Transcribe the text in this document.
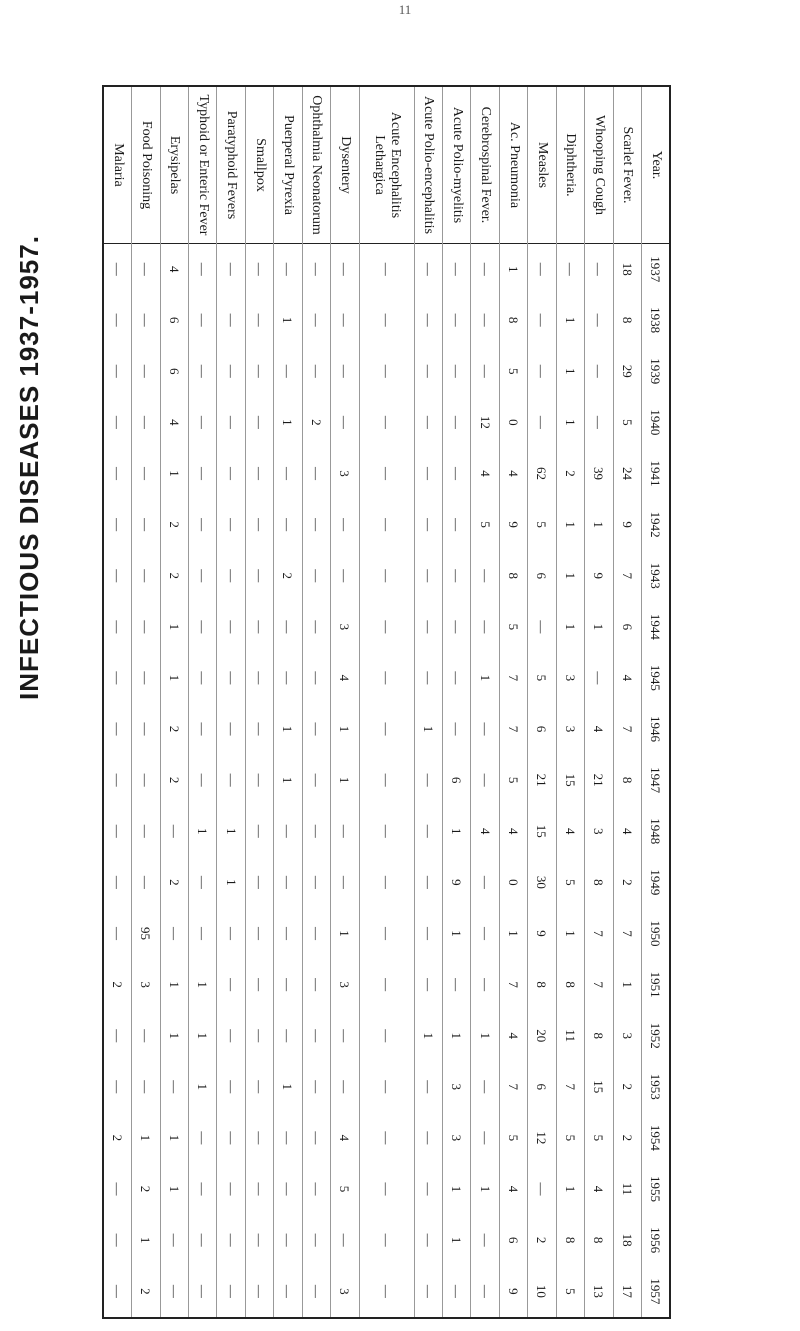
11
INFECTIOUS DISEASES 1937-1957.
Year.	1937	1938	1939	1940	1941	1942	1943	1944	1945	1946	1947	1948	1949	1950	1951	1952	1953	1954	1955	1956	1957
Scarlet Fever.	18	8	29	5	24	9	7	6	4	7	8	4	2	7	1	3	2	2	11	18	17
Whooping Cough	—	—	—	—	39	1	9	1	—	4	21	3	8	7	7	8	15	5	4	8	13
Diphtheria.	—	1	1	1	2	1	1	1	3	3	15	4	5	1	8	11	7	5	1	8	5
Measles	—	—	—	—	62	5	6	—	5	6	21	15	30	9	8	20	6	12	—	2	10
Ac. Pneumonia	1	8	5	0	4	9	8	5	7	7	5	4	0	1	7	4	7	5	4	6	9
Cerebrospinal Fever.	—	—	—	12	4	5	—	—	1	—	—	4	—	—	—	1	—	—	1	—	—
Acute Polio-myelitis	—	—	—	—	—	—	—	—	—	—	6	1	9	1	—	1	3	3	1	1	—
Acute Polio-encephalitis	—	—	—	—	—	—	—	—	—	1	—	—	—	—	—	1	—	—	—	—	—
Acute Encephalitis Lethargica	—	—	—	—	—	—	—	—	—	—	—	—	—	—	—	—	—	—	—	—	—
Dysentery	—	—	—	—	3	—	—	3	4	1	1	—	—	1	3	—	—	4	5	—	3
Ophthalmia Neonatorum	—	—	—	2	—	—	—	—	—	—	—	—	—	—	—	—	—	—	—	—	—
Puerperal Pyrexia	—	1	—	1	—	—	2	—	—	1	1	—	—	—	—	—	1	—	—	—	—
Smallpox	—	—	—	—	—	—	—	—	—	—	—	—	—	—	—	—	—	—	—	—	—
Paratyphoid Fevers	—	—	—	—	—	—	—	—	—	—	—	1	1	—	—	—	—	—	—	—	—
Typhoid or Enteric Fever	—	—	—	—	—	—	—	—	—	—	—	1	—	—	1	1	1	—	—	—	—
Erysipelas	4	6	6	4	1	2	2	1	1	2	2	—	2	—	1	1	—	1	1	—	—
Food Poisoning	—	—	—	—	—	—	—	—	—	—	—	—	—	95	3	—	—	1	2	1	2
Malaria	—	—	—	—	—	—	—	—	—	—	—	—	—	—	2	—	—	2	—	—	—
